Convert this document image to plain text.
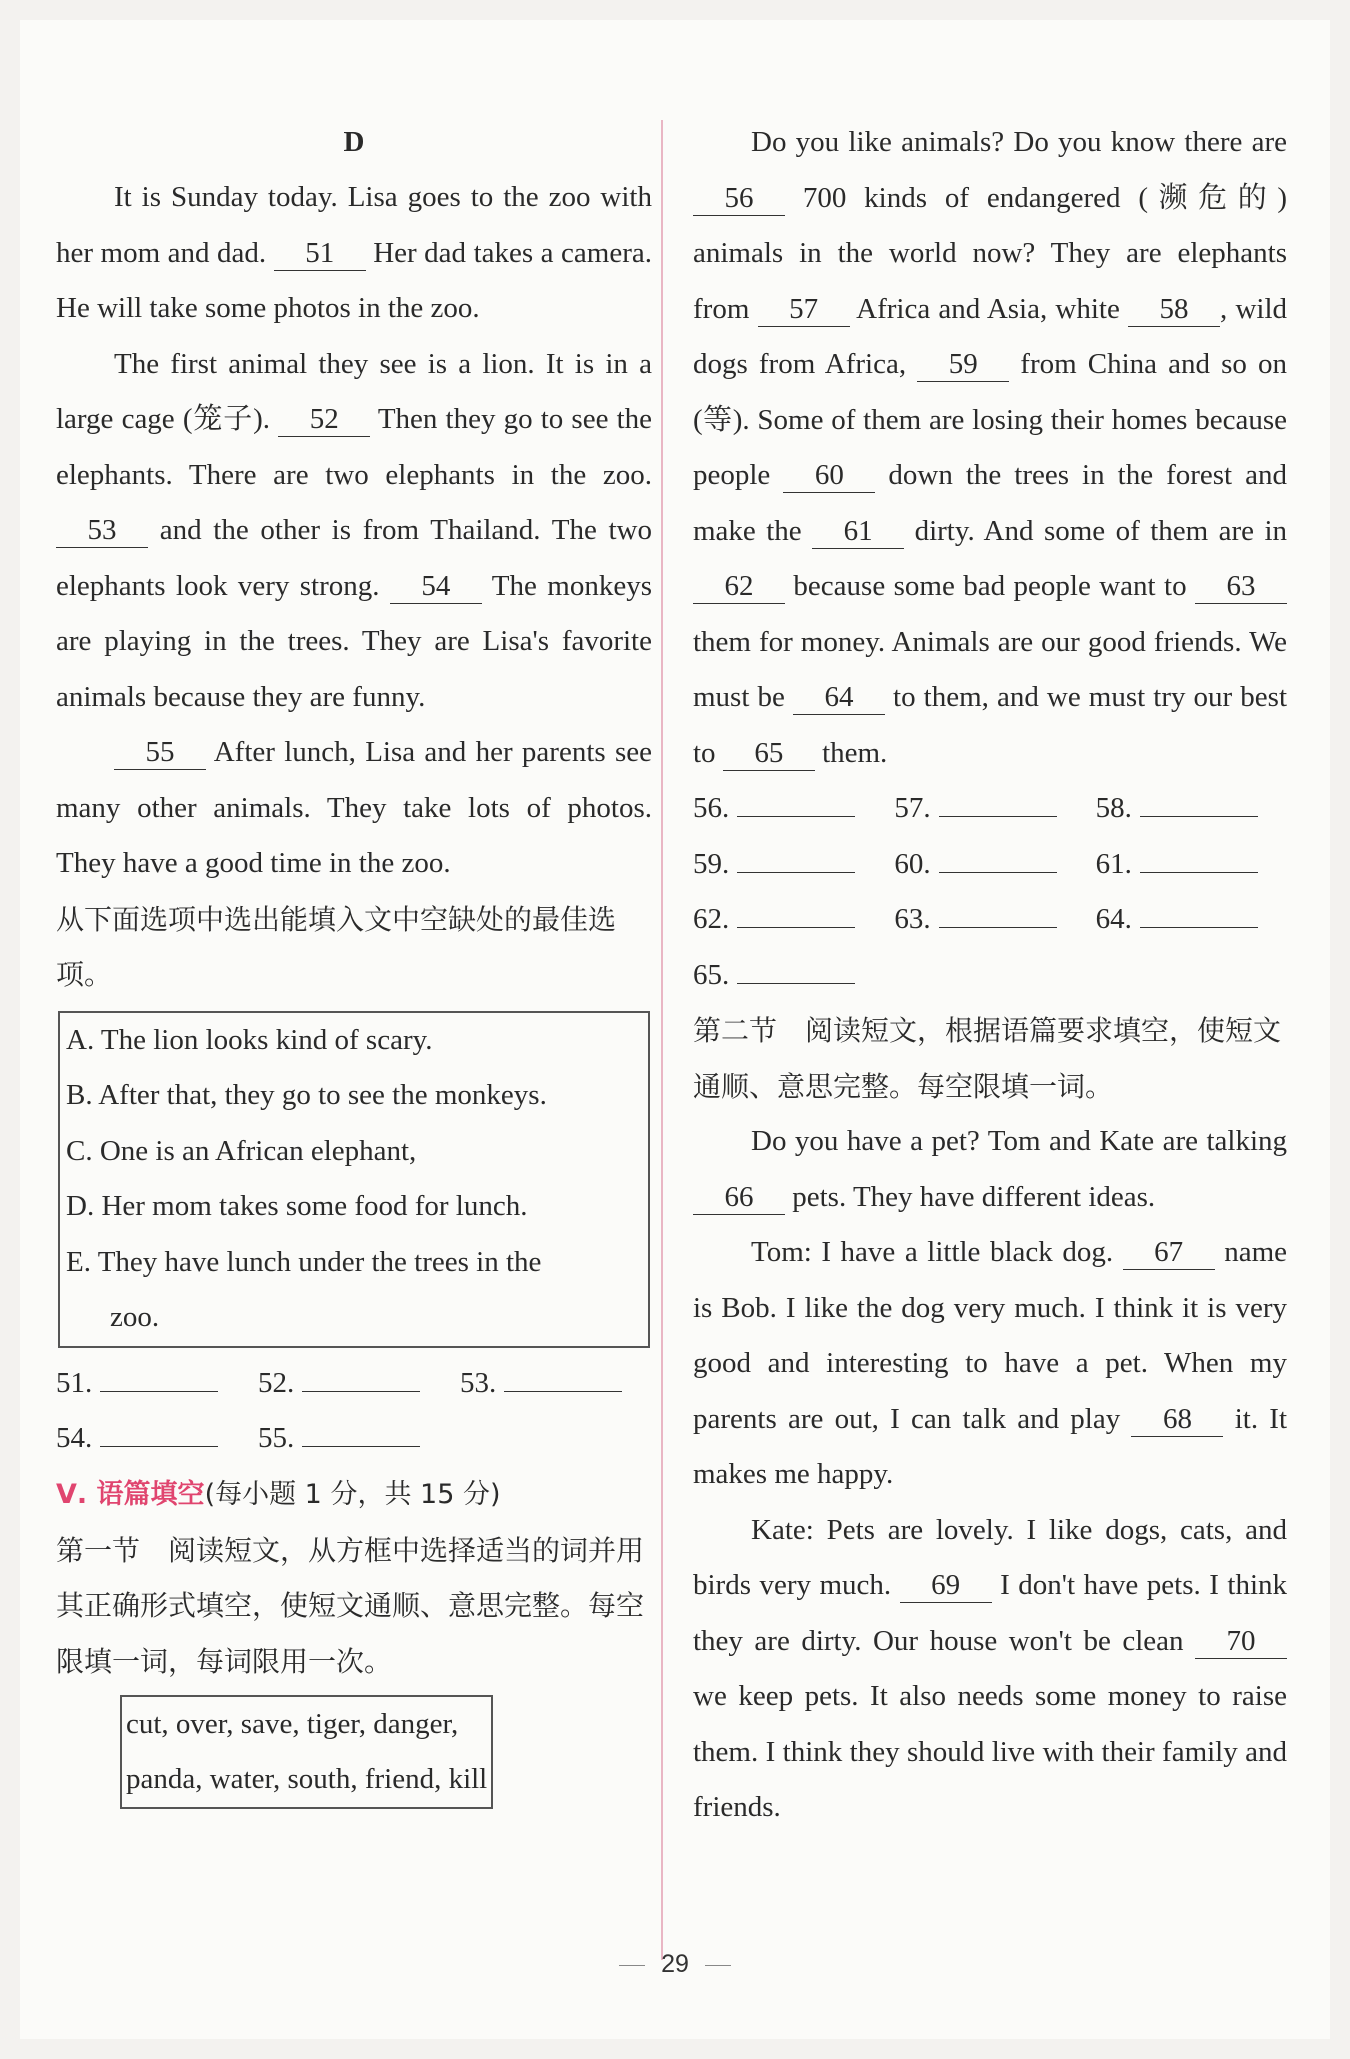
D

It is Sunday today. Lisa goes to the zoo with her mom and dad. 51 Her dad takes a camera. He will take some photos in the zoo.

The first animal they see is a lion. It is in a large cage (笼子). 52 Then they go to see the elephants. There are two elephants in the zoo. 53 and the other is from Thailand. The two elephants look very strong. 54 The monkeys are playing in the trees. They are Lisa's favorite animals because they are funny.

55 After lunch, Lisa and her parents see many other animals. They take lots of photos. They have a good time in the zoo.

从下面选项中选出能填入文中空缺处的最佳选项。

A. The lion looks kind of scary.

B. After that, they go to see the monkeys.

C. One is an African elephant,

D. Her mom takes some food for lunch.

E. They have lunch under the trees in the

zoo.

51.	52.	53.
54.	55.
Ⅴ. 语篇填空(每小题 1 分，共 15 分)

第一节　阅读短文，从方框中选择适当的词并用其正确形式填空，使短文通顺、意思完整。每空限填一词，每词限用一次。

cut, over, save, tiger, danger,
panda, water, south, friend, kill

Do you like animals? Do you know there are 56 700 kinds of endangered (濒危的) animals in the world now? They are elephants from 57 Africa and Asia, white 58 , wild dogs from Africa, 59 from China and so on (等). Some of them are losing their homes because people 60 down the trees in the forest and make the 61 dirty. And some of them are in 62 because some bad people want to 63 them for money. Animals are our good friends. We must be 64 to them, and we must try our best to 65 them.

56.	57.	58.
59.	60.	61.
62.	63.	64.
65.

第二节　阅读短文，根据语篇要求填空，使短文通顺、意思完整。每空限填一词。

Do you have a pet? Tom and Kate are talking 66 pets. They have different ideas.

Tom: I have a little black dog. 67 name is Bob. I like the dog very much. I think it is very good and interesting to have a pet. When my parents are out, I can talk and play 68 it. It makes me happy.

Kate: Pets are lovely. I like dogs, cats, and birds very much. 69 I don't have pets. I think they are dirty. Our house won't be clean 70 we keep pets. It also needs some money to raise them. I think they should live with their family and friends.

29
